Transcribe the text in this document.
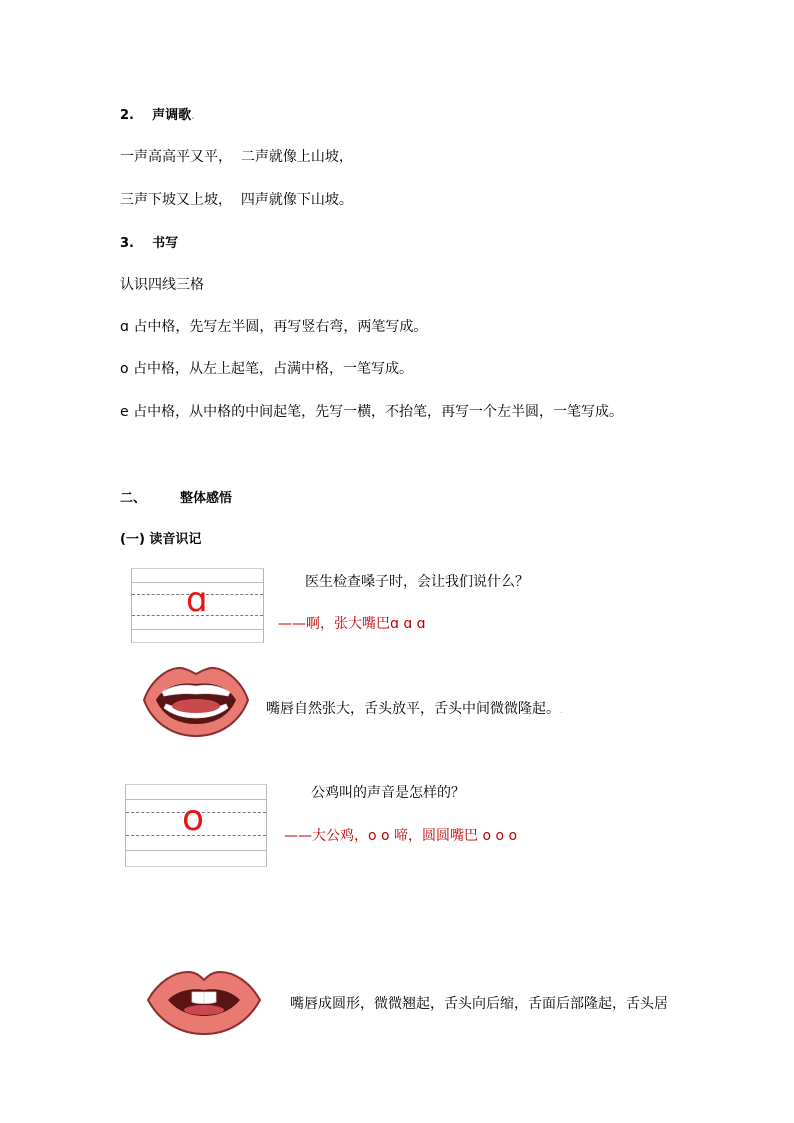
2. 声调歌.
一声高高平又平， 二声就像上山坡，
三声下坡又上坡， 四声就像下山坡。
3. 书写
认识四线三格
ɑ 占中格，先写左半圆，再写竖右弯，两笔写成。
o 占中格，从左上起笔，占满中格，一笔写成。
e 占中格，从中格的中间起笔，先写一横，不抬笔，再写一个左半圆，一笔写成。
二、	整体感悟
(一) 读音识记
ɑ	医生检查嗓子时，会让我们说什么？
——啊，张大嘴巴ɑ ɑ ɑ
嘴唇自然张大，舌头放平，舌头中间微微隆起。.
o
公鸡叫的声音是怎样的？
——大公鸡，o o 啼，圆圆嘴巴 o o o
嘴唇成圆形，微微翘起，舌头向后缩，舌面后部隆起，舌头居
